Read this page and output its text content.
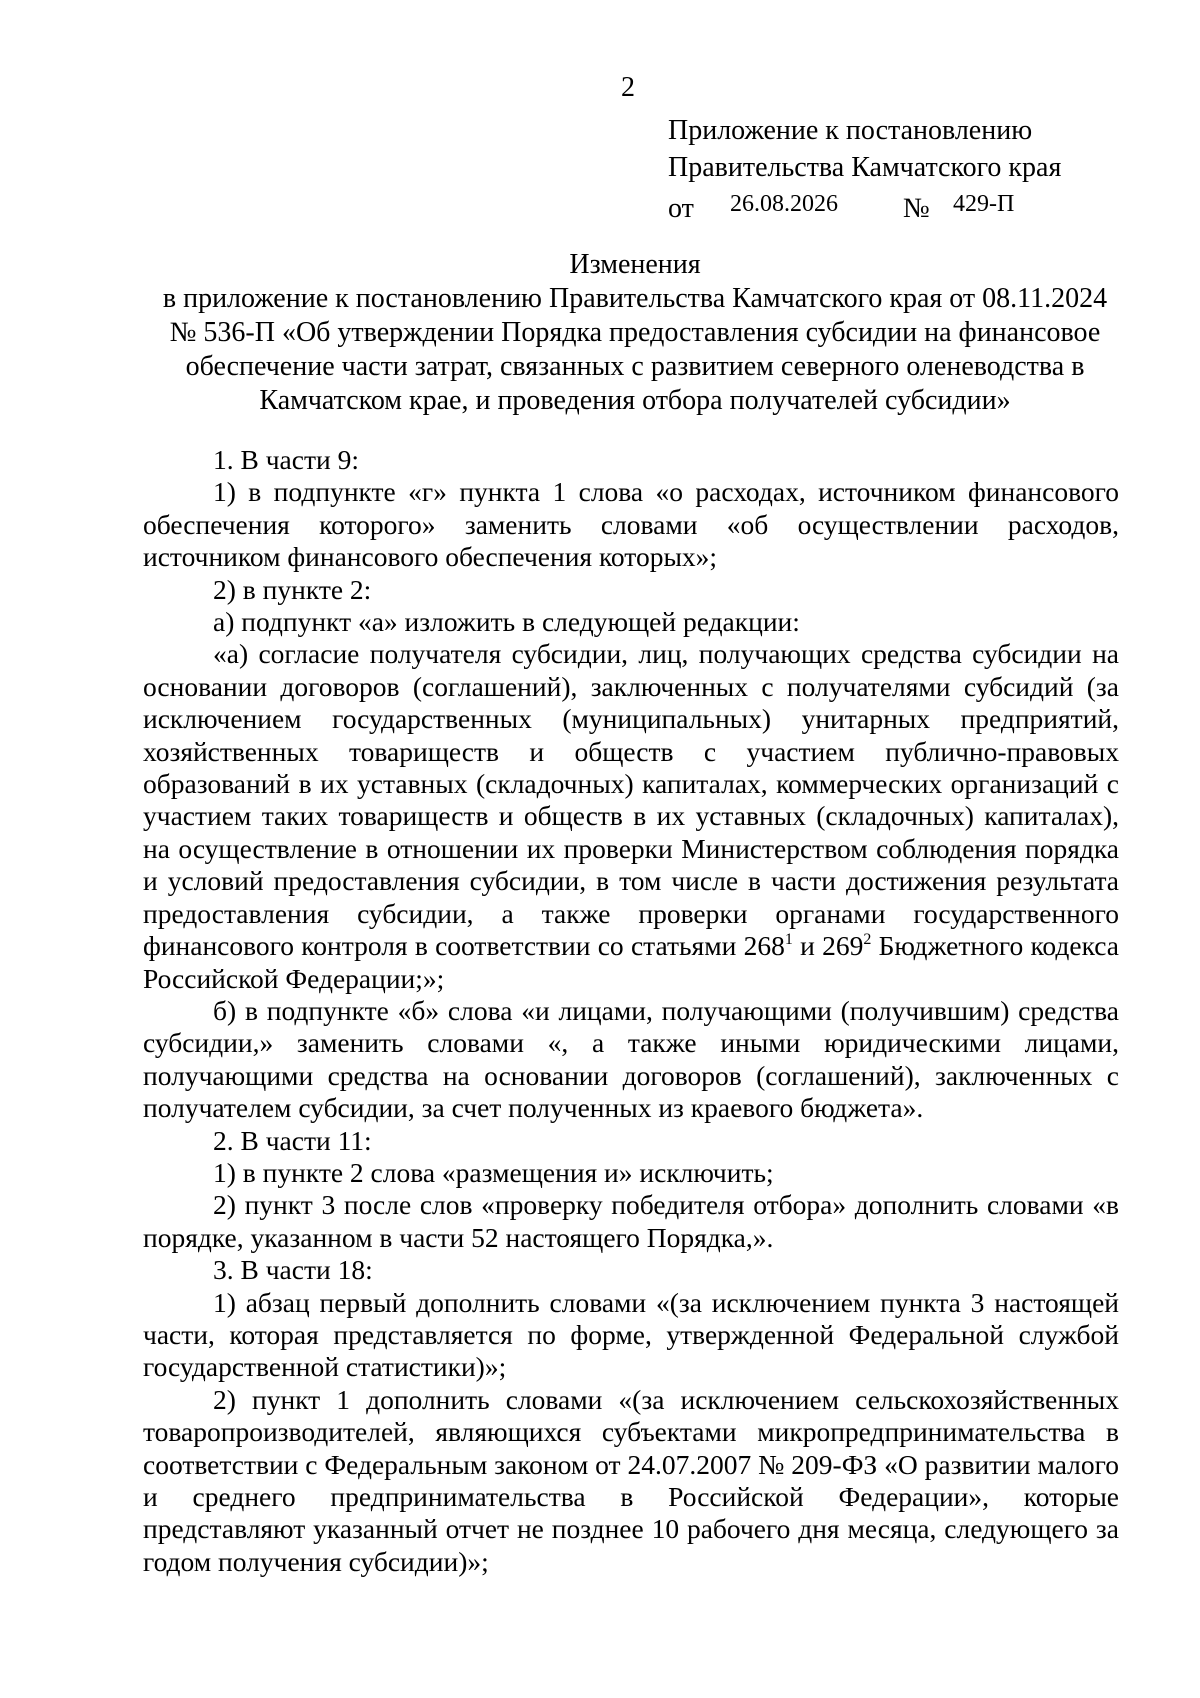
2
Приложение к постановлению
Правительства Камчатского края
от 26.08.2026 № 429-П
Изменения
в приложение к постановлению Правительства Камчатского края от 08.11.2024
№ 536-П «Об утверждении Порядка предоставления субсидии на финансовое
обеспечение части затрат, связанных с развитием северного оленеводства в
Камчатском крае, и проведения отбора получателей субсидии»

1. В части 9:

1) в подпункте «г» пункта 1 слова «о расходах, источником финансового обеспечения которого» заменить словами «об осуществлении расходов, источником финансового обеспечения которых»;

2) в пункте 2:

а) подпункт «а» изложить в следующей редакции:

«а) согласие получателя субсидии, лиц, получающих средства субсидии на основании договоров (соглашений), заключенных с получателями субсидий (за исключением государственных (муниципальных) унитарных предприятий, хозяйственных товариществ и обществ с участием публично-правовых образований в их уставных (складочных) капиталах, коммерческих организаций с участием таких товариществ и обществ в их уставных (складочных) капиталах), на осуществление в отношении их проверки Министерством соблюдения порядка и условий предоставления субсидии, в том числе в части достижения результата предоставления субсидии, а также проверки органами государственного финансового контроля в соответствии со статьями $268^1$ и $269^2$ Бюджетного кодекса Российской Федерации;»;

б) в подпункте «б» слова «и лицами, получающими (получившим) средства субсидии,» заменить словами «, а также иными юридическими лицами, получающими средства на основании договоров (соглашений), заключенных с получателем субсидии, за счет полученных из краевого бюджета».

2. В части 11:

1) в пункте 2 слова «размещения и» исключить;

2) пункт 3 после слов «проверку победителя отбора» дополнить словами «в порядке, указанном в части 52 настоящего Порядка,».

3. В части 18:

1) абзац первый дополнить словами «(за исключением пункта 3 настоящей части, которая представляется по форме, утвержденной Федеральной службой государственной статистики)»;

2) пункт 1 дополнить словами «(за исключением сельскохозяйственных товаропроизводителей, являющихся субъектами микропредпринимательства в соответствии с Федеральным законом от 24.07.2007 № 209-ФЗ «О развитии малого и среднего предпринимательства в Российской Федерации», которые представляют указанный отчет не позднее 10 рабочего дня месяца, следующего за годом получения субсидии)»;
